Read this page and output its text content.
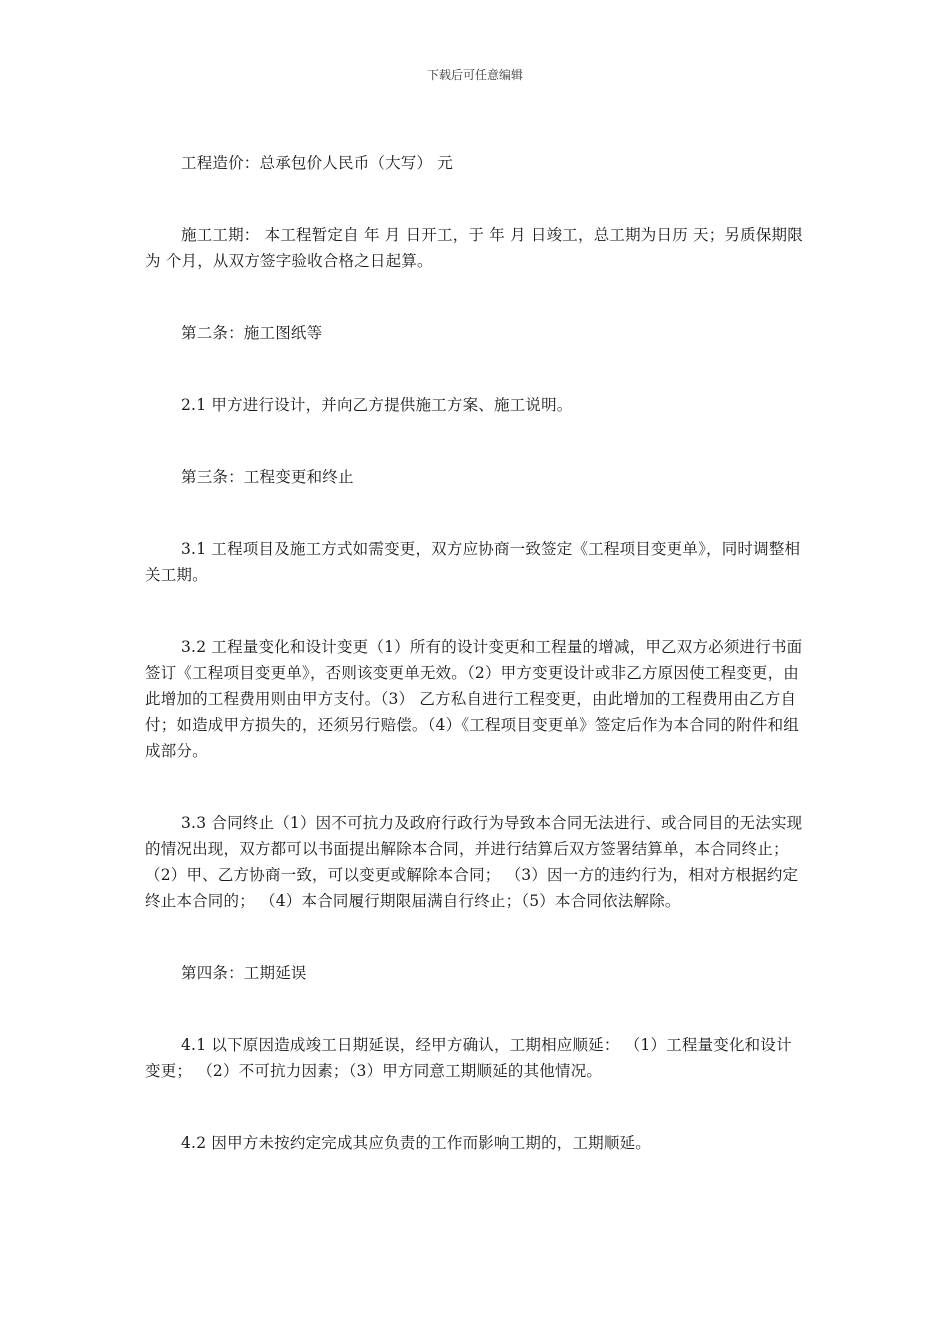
下载后可任意编辑

工程造价：总承包价人民币（大写） 元

施工工期： 本工程暂定自 年 月 日开工，于 年 月 日竣工，总工期为日历 天；另质保期限为 个月，从双方签字验收合格之日起算。

第二条：施工图纸等

2.1 甲方进行设计，并向乙方提供施工方案、施工说明。

第三条：工程变更和终止

3.1 工程项目及施工方式如需变更，双方应协商一致签定《工程项目变更单》，同时调整相关工期。

3.2 工程量变化和设计变更（1）所有的设计变更和工程量的增减，甲乙双方必须进行书面签订《工程项目变更单》，否则该变更单无效。（2）甲方变更设计或非乙方原因使工程变更，由此增加的工程费用则由甲方支付。（3） 乙方私自进行工程变更，由此增加的工程费用由乙方自付；如造成甲方损失的，还须另行赔偿。（4）《工程项目变更单》签定后作为本合同的附件和组成部分。

3.3 合同终止（1）因不可抗力及政府行政行为导致本合同无法进行、或合同目的无法实现的情况出现，双方都可以书面提出解除本合同，并进行结算后双方签署结算单，本合同终止；（2）甲、乙方协商一致，可以变更或解除本合同； （3）因一方的违约行为，相对方根据约定终止本合同的； （4）本合同履行期限届满自行终止；（5）本合同依法解除。

第四条：工期延误

4.1 以下原因造成竣工日期延误，经甲方确认，工期相应顺延： （1）工程量变化和设计变更； （2）不可抗力因素；（3）甲方同意工期顺延的其他情况。

4.2 因甲方未按约定完成其应负责的工作而影响工期的，工期顺延。
